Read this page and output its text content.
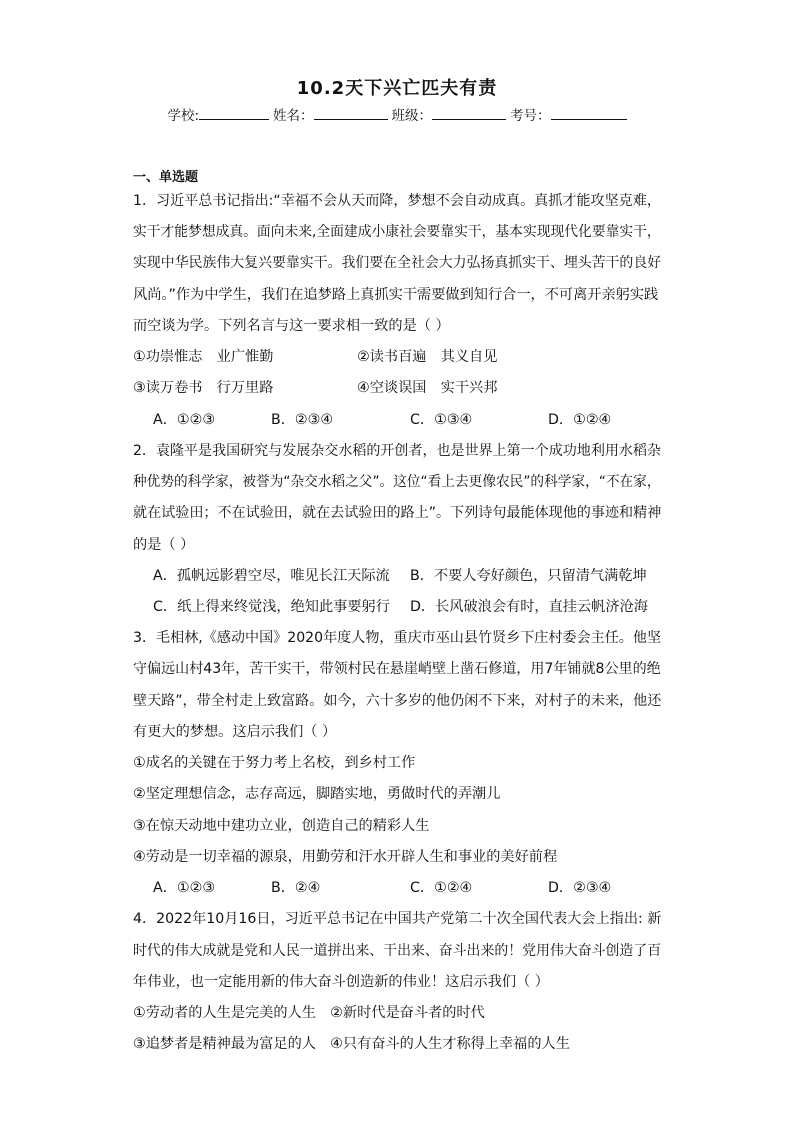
10.2天下兴亡匹夫有责
学校:	姓名：	班级：	考号：
一、单选题
1．习近平总书记指出:“幸福不会从天而降，梦想不会自动成真。真抓才能攻坚克难，
实干才能梦想成真。面向未来,全面建成小康社会要靠实干，基本实现现代化要靠实干，
实现中华民族伟大复兴要靠实干。我们要在全社会大力弘扬真抓实干、埋头苦干的良好
风尚。”作为中学生，我们在追梦路上真抓实干需要做到知行合一，不可离开亲躬实践
而空谈为学。下列名言与这一要求相一致的是（ ）
①功崇惟志　业广惟勤	②读书百遍　其义自见
③读万卷书　行万里路	④空谈误国　实干兴邦
A．①②③	B．②③④	C．①③④	D．①②④
2．袁隆平是我国研究与发展杂交水稻的开创者，也是世界上第一个成功地利用水稻杂
种优势的科学家，被誉为“杂交水稻之父”。这位“看上去更像农民”的科学家，“不在家，
就在试验田；不在试验田，就在去试验田的路上”。下列诗句最能体现他的事迹和精神
的是（ ）
A．孤帆远影碧空尽，唯见长江天际流 B．不要人夸好颜色，只留清气满乾坤
C．纸上得来终觉浅，绝知此事要躬行 D．长风破浪会有时，直挂云帆济沧海
3．毛相林,《感动中国》2020年度人物，重庆市巫山县竹贤乡下庄村委会主任。他坚
守偏远山村43年，苦干实干，带领村民在悬崖峭壁上凿石修道，用7年铺就8公里的绝
壁天路”，带全村走上致富路。如今，六十多岁的他仍闲不下来，对村子的未来，他还
有更大的梦想。这启示我们（ ）
①成名的关键在于努力考上名校，到乡村工作
②坚定理想信念，志存高远，脚踏实地，勇做时代的弄潮儿
③在惊天动地中建功立业，创造自己的精彩人生
④劳动是一切幸福的源泉，用勤劳和汗水开辟人生和事业的美好前程
A．①②③	B．②④	C．①②④	D．②③④
4．2022年10月16日，习近平总书记在中国共产党第二十次全国代表大会上指出: 新
时代的伟大成就是党和人民一道拼出来、干出来、奋斗出来的！党用伟大奋斗创造了百
年伟业，也一定能用新的伟大奋斗创造新的伟业！这启示我们（ ）
①劳动者的人生是完美的人生　②新时代是奋斗者的时代
③追梦者是精神最为富足的人　④只有奋斗的人生才称得上幸福的人生
